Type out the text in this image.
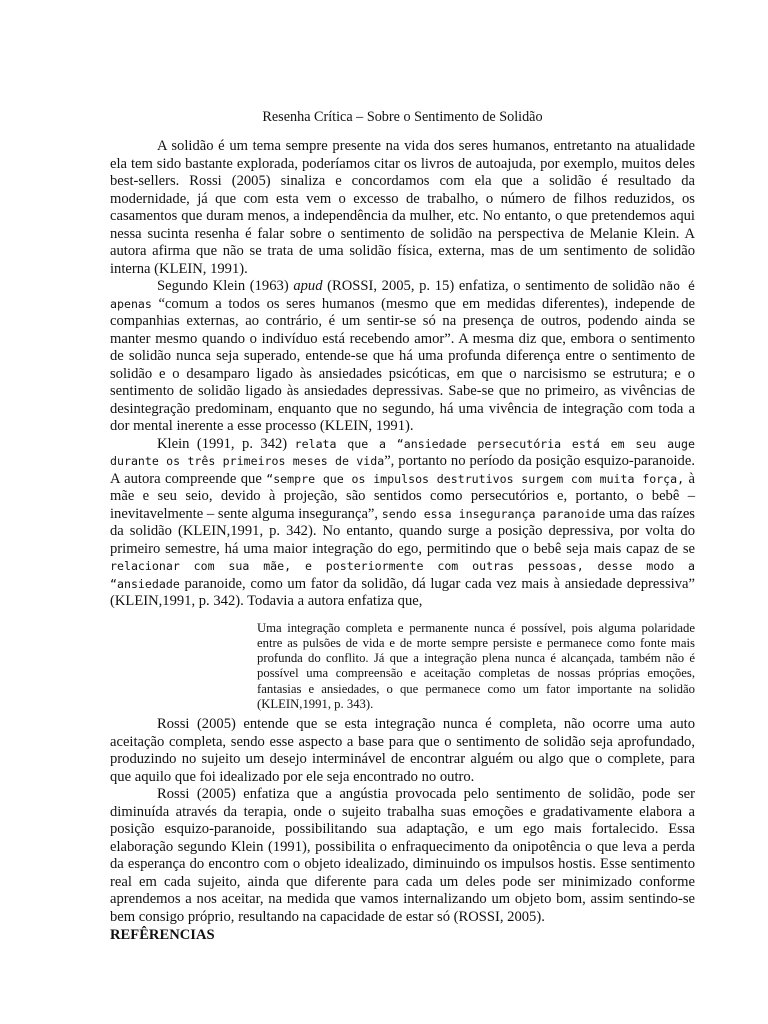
Resenha Crítica – Sobre o Sentimento de Solidão

A solidão é um tema sempre presente na vida dos seres humanos, entretanto na atualidade ela tem sido bastante explorada, poderíamos citar os livros de autoajuda, por exemplo, muitos deles best-sellers. Rossi (2005) sinaliza e concordamos com ela que a solidão é resultado da modernidade, já que com esta vem o excesso de trabalho, o número de filhos reduzidos, os casamentos que duram menos, a independência da mulher, etc. No entanto, o que pretendemos aqui nessa sucinta resenha é falar sobre o sentimento de solidão na perspectiva de Melanie Klein. A autora afirma que não se trata de uma solidão física, externa, mas de um sentimento de solidão interna (KLEIN, 1991).

Segundo Klein (1963) apud (ROSSI, 2005, p. 15) enfatiza, o sentimento de solidão não é apenas “comum a todos os seres humanos (mesmo que em medidas diferentes), independe de companhias externas, ao contrário, é um sentir-se só na presença de outros, podendo ainda se manter mesmo quando o indivíduo está recebendo amor”. A mesma diz que, embora o sentimento de solidão nunca seja superado, entende-se que há uma profunda diferença entre o sentimento de solidão e o desamparo ligado às ansiedades psicóticas, em que o narcisismo se estrutura; e o sentimento de solidão ligado às ansiedades depressivas. Sabe-se que no primeiro, as vivências de desintegração predominam, enquanto que no segundo, há uma vivência de integração com toda a dor mental inerente a esse processo (KLEIN, 1991).

Klein (1991, p. 342) relata que a “ansiedade persecutória está em seu auge durante os três primeiros meses de vida”, portanto no período da posição esquizo-paranoide. A autora compreende que “sempre que os impulsos destrutivos surgem com muita força, à mãe e seu seio, devido à projeção, são sentidos como persecutórios e, portanto, o bebê – inevitavelmente – sente alguma insegurança”, sendo essa insegurança paranoide uma das raízes da solidão (KLEIN,1991, p. 342). No entanto, quando surge a posição depressiva, por volta do primeiro semestre, há uma maior integração do ego, permitindo que o bebê seja mais capaz de se relacionar com sua mãe, e posteriormente com outras pessoas, desse modo a “ansiedade paranoide, como um fator da solidão, dá lugar cada vez mais à ansiedade depressiva” (KLEIN,1991, p. 342). Todavia a autora enfatiza que,

Uma integração completa e permanente nunca é possível, pois alguma polaridade entre as pulsões de vida e de morte sempre persiste e permanece como fonte mais profunda do conflito. Já que a integração plena nunca é alcançada, também não é possível uma compreensão e aceitação completas de nossas próprias emoções, fantasias e ansiedades, o que permanece como um fator importante na solidão (KLEIN,1991, p. 343).

Rossi (2005) entende que se esta integração nunca é completa, não ocorre uma auto aceitação completa, sendo esse aspecto a base para que o sentimento de solidão seja aprofundado, produzindo no sujeito um desejo interminável de encontrar alguém ou algo que o complete, para que aquilo que foi idealizado por ele seja encontrado no outro.

Rossi (2005) enfatiza que a angústia provocada pelo sentimento de solidão, pode ser diminuída através da terapia, onde o sujeito trabalha suas emoções e gradativamente elabora a posição esquizo-paranoide, possibilitando sua adaptação, e um ego mais fortalecido. Essa elaboração segundo Klein (1991), possibilita o enfraquecimento da onipotência o que leva a perda da esperança do encontro com o objeto idealizado, diminuindo os impulsos hostis. Esse sentimento real em cada sujeito, ainda que diferente para cada um deles pode ser minimizado conforme aprendemos a nos aceitar, na medida que vamos internalizando um objeto bom, assim sentindo-se bem consigo próprio, resultando na capacidade de estar só (ROSSI, 2005).

REFÊRENCIAS
